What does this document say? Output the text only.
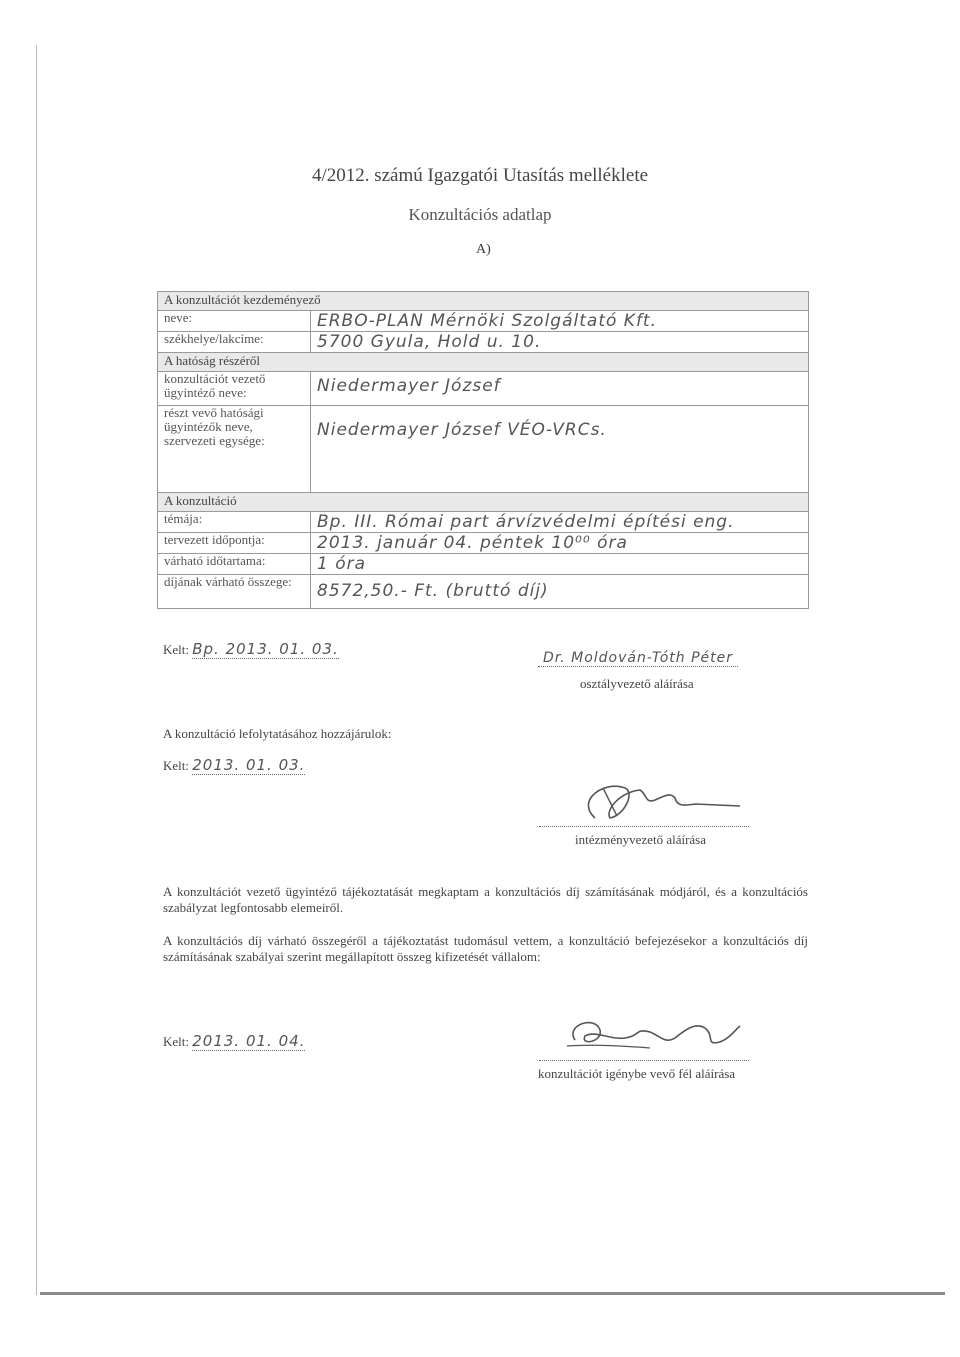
4/2012. számú Igazgatói Utasítás melléklete
Konzultációs adatlap
A)
A konzultációt kezdeményező	
neve:	ERBO-PLAN Mérnöki Szolgáltató Kft.
székhelye/lakcíme:	5700 Gyula, Hold u. 10.
A hatóság részéről	
konzultációt vezető ügyintéző neve:	Niedermayer József
részt vevő hatósági ügyintézők neve, szervezeti egysége:	Niedermayer József VÉO-VRCs.
A konzultáció	
témája:	Bp. III. Római part árvízvédelmi építési eng.
tervezett időpontja:	2013. január 04. péntek 10⁰⁰ óra
várható időtartama:	1 óra
díjának várható összege:	8572,50.- Ft. (bruttó díj)
Kelt: Bp. 2013. 01. 03.	Dr. Moldován-Tóth Péter
osztályvezető aláírása
A konzultáció lefolytatásához hozzájárulok:
Kelt: 2013. 01. 03.
intézményvezető aláírása
A konzultációt vezető ügyintéző tájékoztatását megkaptam a konzultációs díj számításának módjáról, és a konzultációs szabályzat legfontosabb elemeiről.
A konzultációs díj várható összegéről a tájékoztatást tudomásul vettem, a konzultáció befejezésekor a konzultációs díj számításának szabályai szerint megállapított összeg kifizetését vállalom:
Kelt: 2013. 01. 04.
konzultációt igénybe vevő fél aláírása
